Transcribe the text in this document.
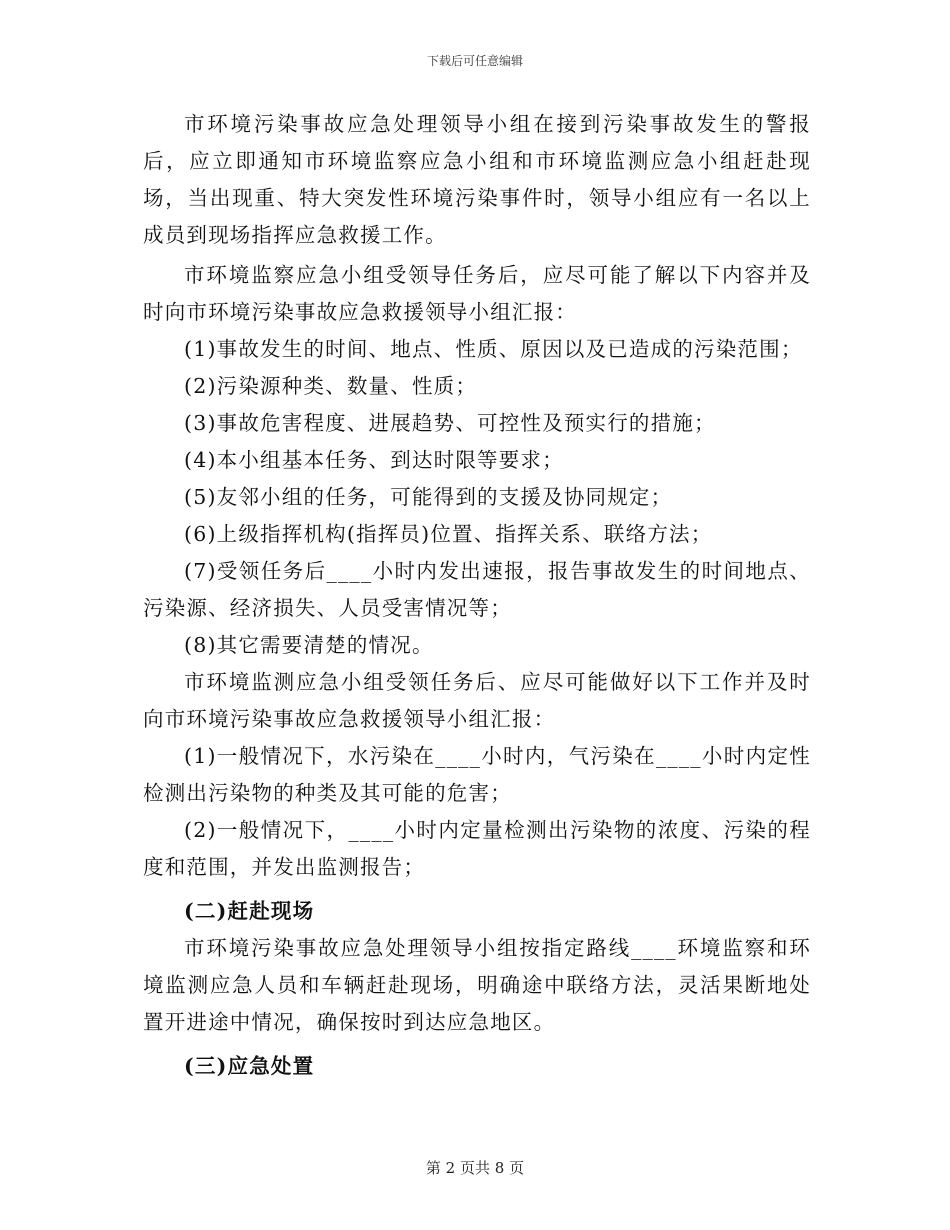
下载后可任意编辑

市环境污染事故应急处理领导小组在接到污染事故发生的警报后，应立即通知市环境监察应急小组和市环境监测应急小组赶赴现场，当出现重、特大突发性环境污染事件时，领导小组应有一名以上成员到现场指挥应急救援工作。

市环境监察应急小组受领导任务后，应尽可能了解以下内容并及时向市环境污染事故应急救援领导小组汇报：

(1)事故发生的时间、地点、性质、原因以及已造成的污染范围；

(2)污染源种类、数量、性质；

(3)事故危害程度、进展趋势、可控性及预实行的措施；

(4)本小组基本任务、到达时限等要求；

(5)友邻小组的任务，可能得到的支援及协同规定；

(6)上级指挥机构(指挥员)位置、指挥关系、联络方法；

(7)受领任务后____小时内发出速报，报告事故发生的时间地点、污染源、经济损失、人员受害情况等；

(8)其它需要清楚的情况。

市环境监测应急小组受领任务后、应尽可能做好以下工作并及时向市环境污染事故应急救援领导小组汇报：

(1)一般情况下，水污染在____小时内，气污染在____小时内定性检测出污染物的种类及其可能的危害；

(2)一般情况下，____小时内定量检测出污染物的浓度、污染的程度和范围，并发出监测报告；

(二)赶赴现场

市环境污染事故应急处理领导小组按指定路线____环境监察和环境监测应急人员和车辆赶赴现场，明确途中联络方法，灵活果断地处置开进途中情况，确保按时到达应急地区。

(三)应急处置

第 2 页共 8 页
